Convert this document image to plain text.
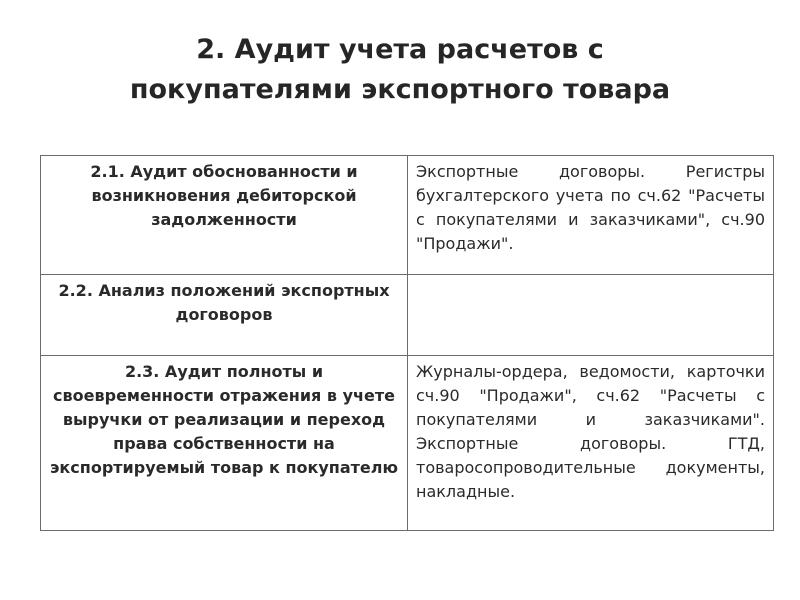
2. Аудит учета расчетов с
покупателями экспортного товара
2.1. Аудит обоснованности и возникновения дебиторской задолженности	Экспортные договоры. Регистры бухгалтерского учета по сч.62 "Расчеты с покупателями и заказчиками", сч.90 "Продажи".

2.2. Анализ положений экспортных договоров	

2.3. Аудит полноты и своевременности отражения в учете выручки от реализации и переход права собственности на экспортируемый товар к покупателю	Журналы-ордера, ведомости, карточки сч.90 "Продажи", сч.62 "Расчеты с покупателями и заказчиками". Экспортные договоры. ГТД, товаросопроводительные документы, накладные.
